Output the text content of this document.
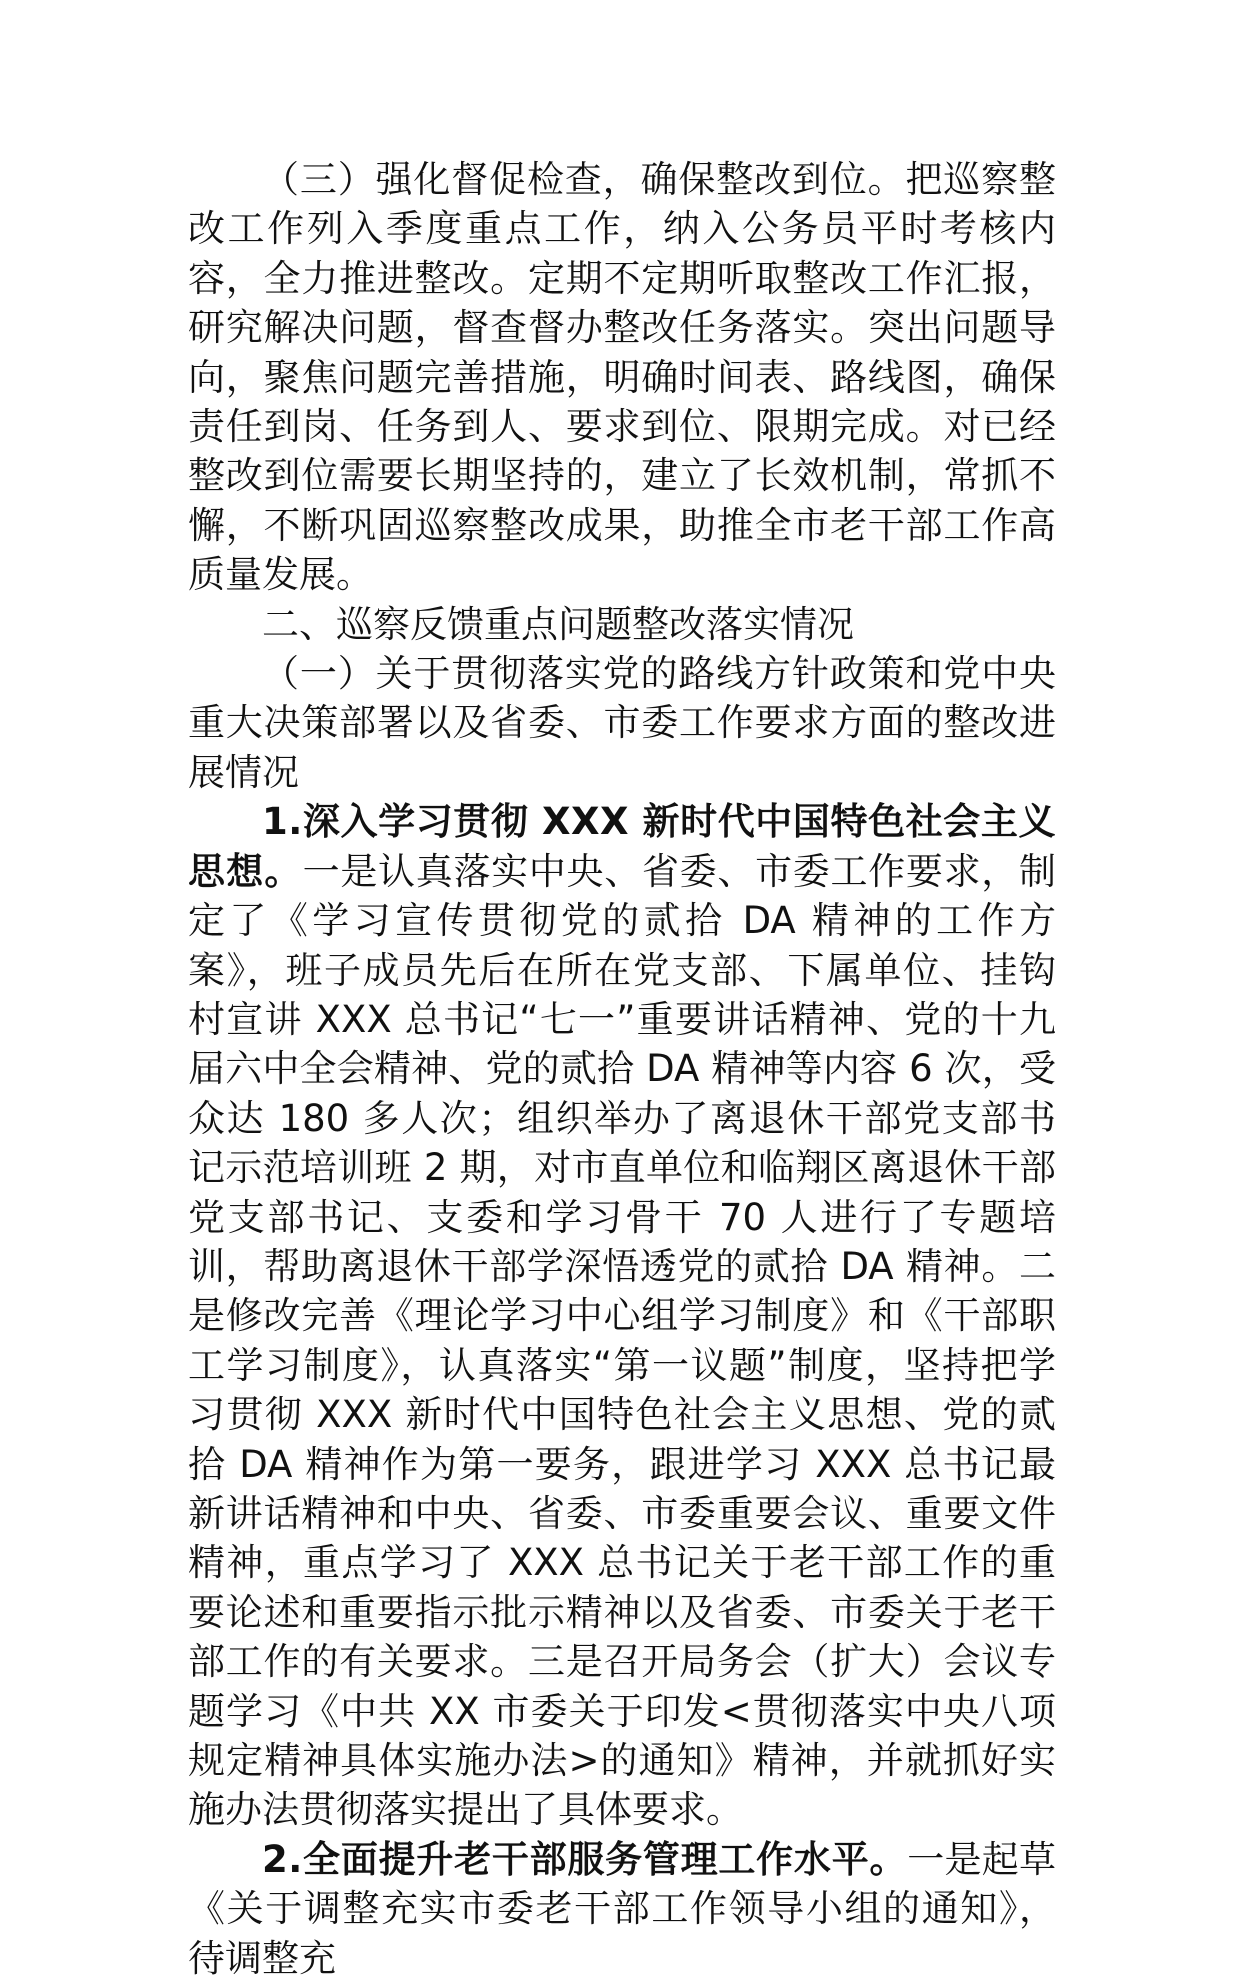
（三）强化督促检查，确保整改到位。把巡察整改工作列入季度重点工作，纳入公务员平时考核内容，全力推进整改。定期不定期听取整改工作汇报，研究解决问题，督查督办整改任务落实。突出问题导向，聚焦问题完善措施，明确时间表、路线图，确保责任到岗、任务到人、要求到位、限期完成。对已经整改到位需要长期坚持的，建立了长效机制，常抓不懈，不断巩固巡察整改成果，助推全市老干部工作高质量发展。

二、巡察反馈重点问题整改落实情况

（一）关于贯彻落实党的路线方针政策和党中央重大决策部署以及省委、市委工作要求方面的整改进展情况

1.深入学习贯彻 XXX 新时代中国特色社会主义思想。一是认真落实中央、省委、市委工作要求，制定了《学习宣传贯彻党的贰拾 DA 精神的工作方案》，班子成员先后在所在党支部、下属单位、挂钩村宣讲 XXX 总书记“七一”重要讲话精神、党的十九届六中全会精神、党的贰拾 DA 精神等内容 6 次，受众达 180 多人次；组织举办了离退休干部党支部书记示范培训班 2 期，对市直单位和临翔区离退休干部党支部书记、支委和学习骨干 70 人进行了专题培训，帮助离退休干部学深悟透党的贰拾 DA 精神。二是修改完善《理论学习中心组学习制度》和《干部职工学习制度》，认真落实“第一议题”制度，坚持把学习贯彻 XXX 新时代中国特色社会主义思想、党的贰拾 DA 精神作为第一要务，跟进学习 XXX 总书记最新讲话精神和中央、省委、市委重要会议、重要文件精神，重点学习了 XXX 总书记关于老干部工作的重要论述和重要指示批示精神以及省委、市委关于老干部工作的有关要求。三是召开局务会（扩大）会议专题学习《中共 XX 市委关于印发<贯彻落实中央八项规定精神具体实施办法>的通知》精神，并就抓好实施办法贯彻落实提出了具体要求。

2.全面提升老干部服务管理工作水平。一是起草《关于调整充实市委老干部工作领导小组的通知》，待调整充
